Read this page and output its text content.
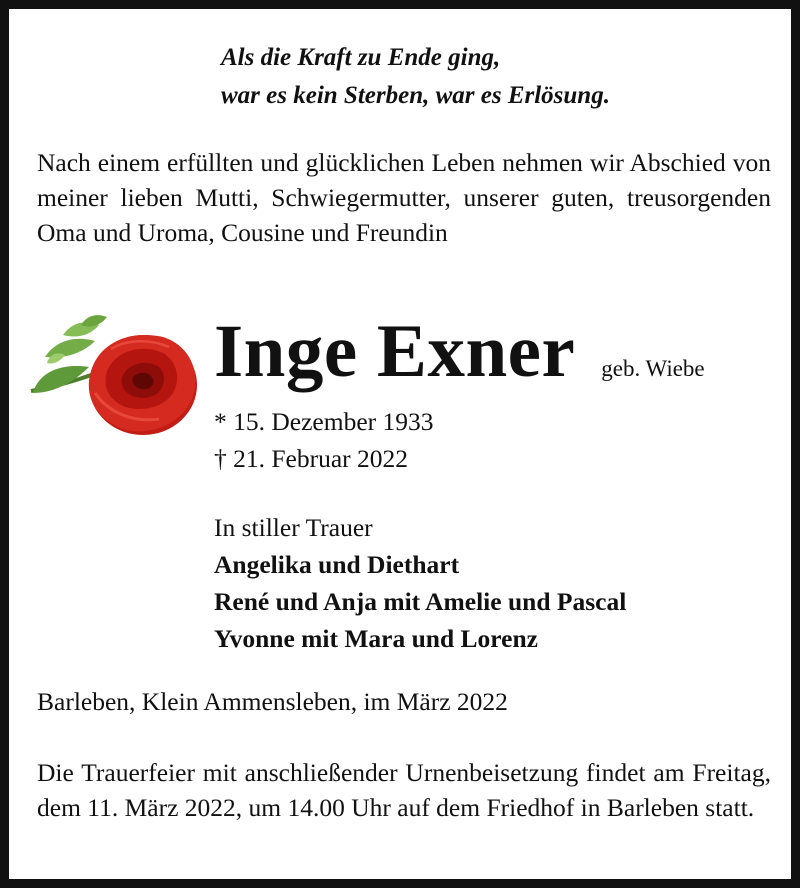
Als die Kraft zu Ende ging,
war es kein Sterben, war es Erlösung.
Nach einem erfüllten und glücklichen Leben nehmen wir Abschied von meiner lieben Mutti, Schwiegermutter, unserer guten, treusorgenden Oma und Uroma, Cousine und Freundin
Inge Exner geb. Wiebe
* 15. Dezember 1933
† 21. Februar 2022
In stiller Trauer
Angelika und Diethart
René und Anja mit Amelie und Pascal
Yvonne mit Mara und Lorenz
Barleben, Klein Ammensleben, im März 2022
Die Trauerfeier mit anschließender Urnenbeisetzung findet am Freitag, dem 11. März 2022, um 14.00 Uhr auf dem Friedhof in Barleben statt.
